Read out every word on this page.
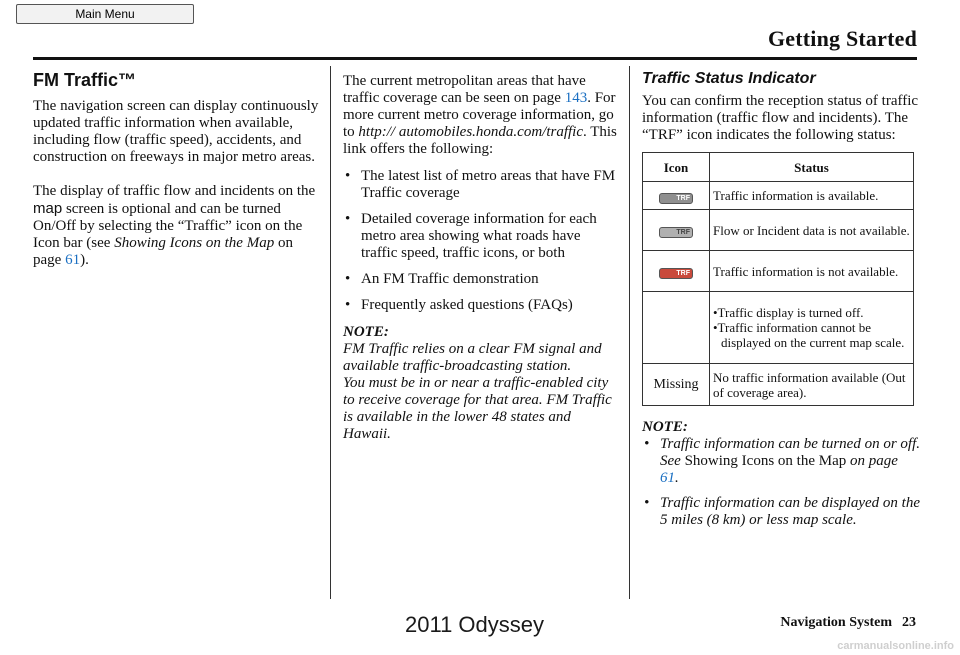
Main Menu
Getting Started
FM Traffic™

The navigation screen can display continuously updated traffic information when available, including flow (traffic speed), accidents, and construction on freeways in major metro areas.

The display of traffic flow and incidents on the map screen is optional and can be turned On/Off by selecting the “Traffic” icon on the Icon bar (see Showing Icons on the Map on page 61).

The current metropolitan areas that have traffic coverage can be seen on page 143. For more current metro coverage information, go to http:// automobiles.honda.com/traffic. This link offers the following:

• The latest list of metro areas that have FM Traffic coverage
• Detailed coverage information for each metro area showing what roads have traffic speed, traffic icons, or both
• An FM Traffic demonstration
• Frequently asked questions (FAQs)

NOTE:

FM Traffic relies on a clear FM signal and available traffic-broadcasting station.

You must be in or near a traffic-enabled city to receive coverage for that area. FM Traffic is available in the lower 48 states and Hawaii.

Traffic Status Indicator

You can confirm the reception status of traffic information (traffic flow and incidents). The “TRF” icon indicates the following status:

Icon	Status
TRF	Traffic information is available.
TRF	Flow or Incident data is not available.
TRF	Traffic information is not available.

	•Traffic display is turned off.
•Traffic information cannot be displayed on the current map scale.

Missing	No traffic information available (Out of coverage area).

NOTE:

• Traffic information can be turned on or off. See Showing Icons on the Map on page 61.
• Traffic information can be displayed on the 5 miles (8 km) or less map scale.
Navigation System 23
2011 Odyssey
carmanualsonline.info
